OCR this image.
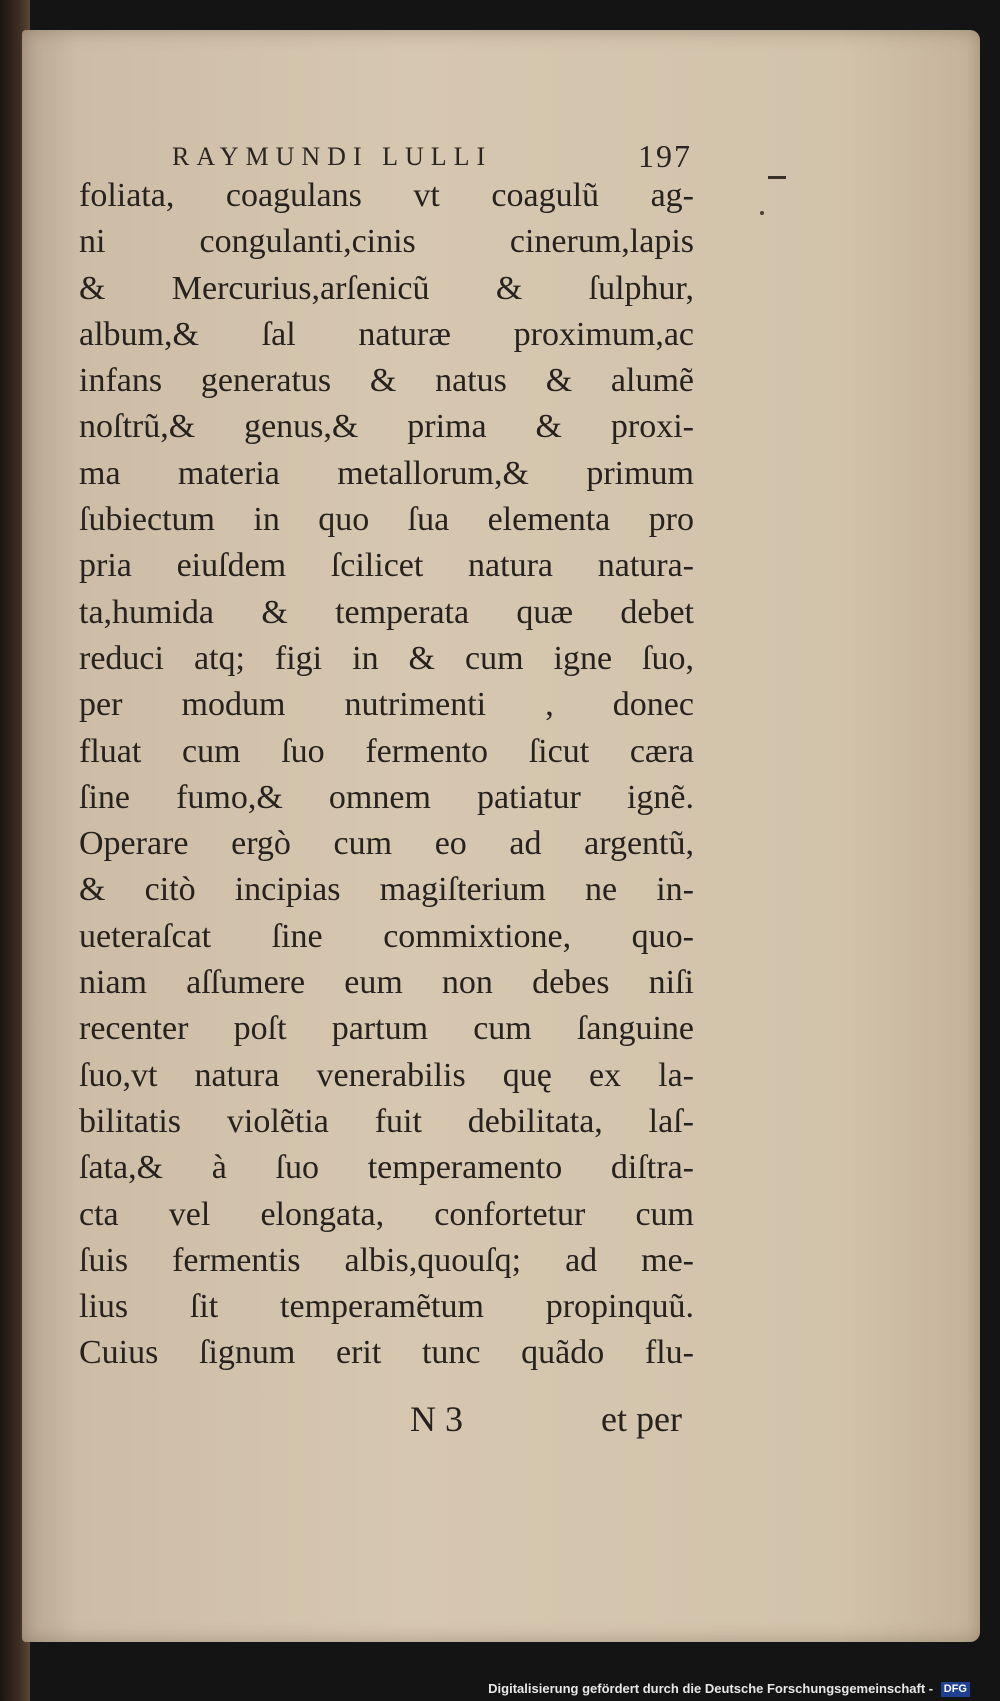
RAYMUNDI LULLI	197
foliata, coagulans vt coagulũ ag-
ni congulanti,cinis cinerum,lapis
& Mercurius,arſenicũ & ſulphur,
album,& ſal naturæ proximum,ac
infans generatus & natus & alumẽ
noſtrũ,& genus,& prima & proxi-
ma materia metallorum,& primum
ſubiectum in quo ſua elementa pro
pria eiuſdem ſcilicet natura natura-
ta,humida & temperata quæ debet
reduci atq; figi in & cum igne ſuo,
per modum nutrimenti , donec
fluat cum ſuo fermento ſicut cæra
ſine fumo,& omnem patiatur ignẽ.
Operare ergò cum eo ad argentũ,
& citò incipias magiſterium ne in-
ueteraſcat ſine commixtione, quo-
niam aſſumere eum non debes niſi
recenter poſt partum cum ſanguine
ſuo,vt natura venerabilis quę ex la-
bilitatis violẽtia fuit debilitata, laſ-
ſata,& à ſuo temperamento diſtra-
cta vel elongata, confortetur cum
ſuis fermentis albis,quouſq; ad me-
lius ſit temperamẽtum propinquũ.
Cuius ſignum erit tunc quãdo flu-
N 3	et per
Digitalisierung gefördert durch die Deutsche Forschungsgemeinschaft - DFG
